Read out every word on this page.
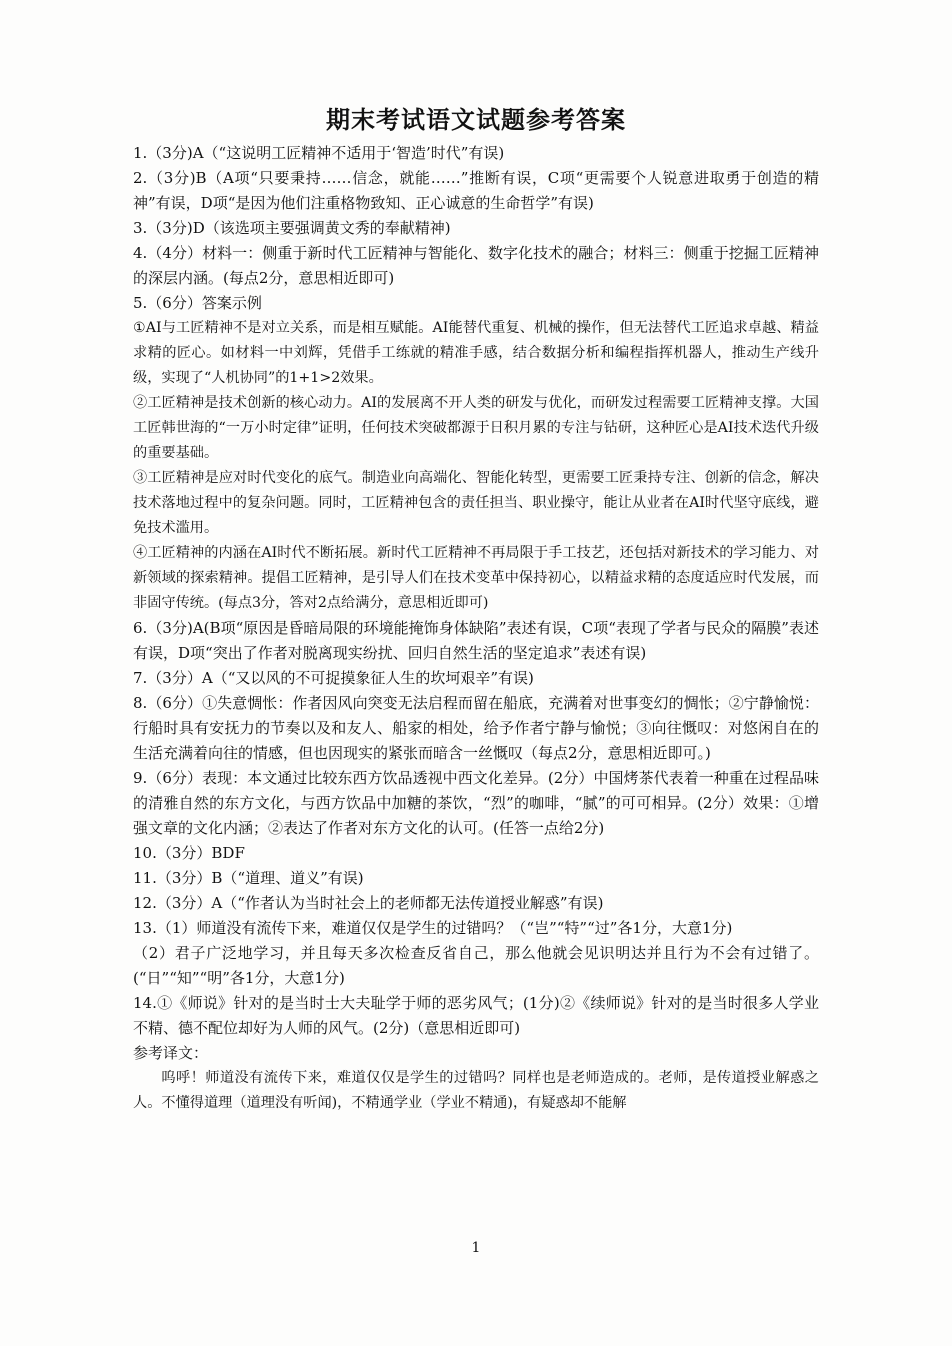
期末考试语文试题参考答案

1.（3分)A（“这说明工匠精神不适用于‘智造’时代”有误)

2.（3分)B（A项“只要秉持……信念，就能……”推断有误，C项“更需要个人锐意进取勇于创造的精神”有误，D项“是因为他们注重格物致知、正心诚意的生命哲学”有误)

3.（3分)D（该选项主要强调黄文秀的奉献精神)

4.（4分）材料一：侧重于新时代工匠精神与智能化、数字化技术的融合；材料三：侧重于挖掘工匠精神的深层内涵。(每点2分，意思相近即可)

5.（6分）答案示例

①AI与工匠精神不是对立关系，而是相互赋能。AI能替代重复、机械的操作，但无法替代工匠追求卓越、精益求精的匠心。如材料一中刘辉，凭借手工练就的精准手感，结合数据分析和编程指挥机器人，推动生产线升级，实现了“人机协同”的1+1>2效果。

②工匠精神是技术创新的核心动力。AI的发展离不开人类的研发与优化，而研发过程需要工匠精神支撑。大国工匠韩世海的“一万小时定律”证明，任何技术突破都源于日积月累的专注与钻研，这种匠心是AI技术迭代升级的重要基础。

③工匠精神是应对时代变化的底气。制造业向高端化、智能化转型，更需要工匠秉持专注、创新的信念，解决技术落地过程中的复杂问题。同时，工匠精神包含的责任担当、职业操守，能让从业者在AI时代坚守底线，避免技术滥用。

④工匠精神的内涵在AI时代不断拓展。新时代工匠精神不再局限于手工技艺，还包括对新技术的学习能力、对新领域的探索精神。提倡工匠精神，是引导人们在技术变革中保持初心，以精益求精的态度适应时代发展，而非固守传统。(每点3分，答对2点给满分，意思相近即可)

6.（3分)A(B项“原因是昏暗局限的环境能掩饰身体缺陷”表述有误，C项“表现了学者与民众的隔膜”表述有误，D项“突出了作者对脱离现实纷扰、回归自然生活的坚定追求”表述有误)

7.（3分）A（“又以风的不可捉摸象征人生的坎坷艰辛”有误)

8.（6分）①失意惆怅：作者因风向突变无法启程而留在船底，充满着对世事变幻的惆怅；②宁静愉悦：行船时具有安抚力的节奏以及和友人、船家的相处，给予作者宁静与愉悦；③向往慨叹：对悠闲自在的生活充满着向往的情感，但也因现实的紧张而暗含一丝慨叹（每点2分，意思相近即可。)

9.（6分）表现：本文通过比较东西方饮品透视中西文化差异。(2分）中国烤茶代表着一种重在过程品味的清雅自然的东方文化，与西方饮品中加糖的茶饮，“烈”的咖啡，“腻”的可可相异。(2分）效果：①增强文章的文化内涵；②表达了作者对东方文化的认可。(任答一点给2分)

10.（3分）BDF

11.（3分）B（“道理、道义”有误)

12.（3分）A（“作者认为当时社会上的老师都无法传道授业解惑”有误)

13.（1）师道没有流传下来，难道仅仅是学生的过错吗？（“岂”“特”“过”各1分，大意1分)

（2）君子广泛地学习，并且每天多次检查反省自己，那么他就会见识明达并且行为不会有过错了。(“日”“知”“明”各1分，大意1分)

14.①《师说》针对的是当时士大夫耻学于师的恶劣风气；(1分)②《续师说》针对的是当时很多人学业不精、德不配位却好为人师的风气。(2分)（意思相近即可)

参考译文：

呜呼！师道没有流传下来，难道仅仅是学生的过错吗？同样也是老师造成的。老师，是传道授业解惑之人。不懂得道理（道理没有听闻)，不精通学业（学业不精通)，有疑惑却不能解

1
